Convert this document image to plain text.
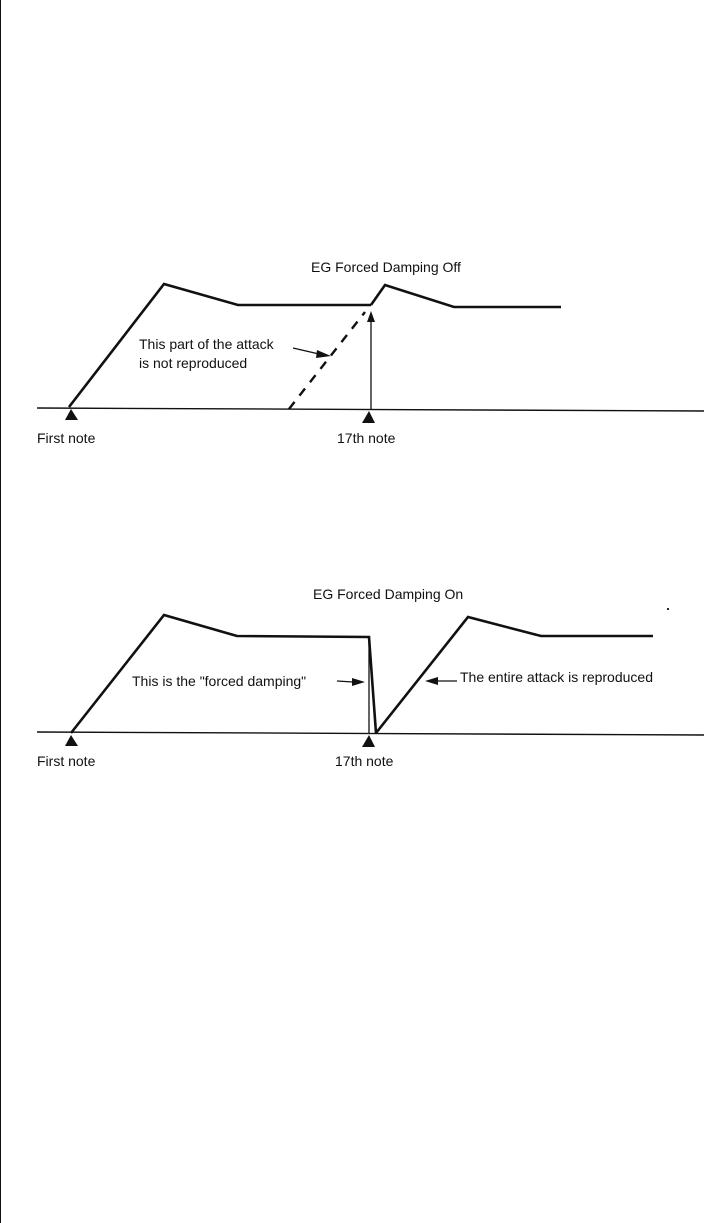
EG Forced Damping Off
This part of the attack
is not reproduced
First note	17th note
EG Forced Damping On
This is the "forced damping"	The entire attack is reproduced
First note	17th note
